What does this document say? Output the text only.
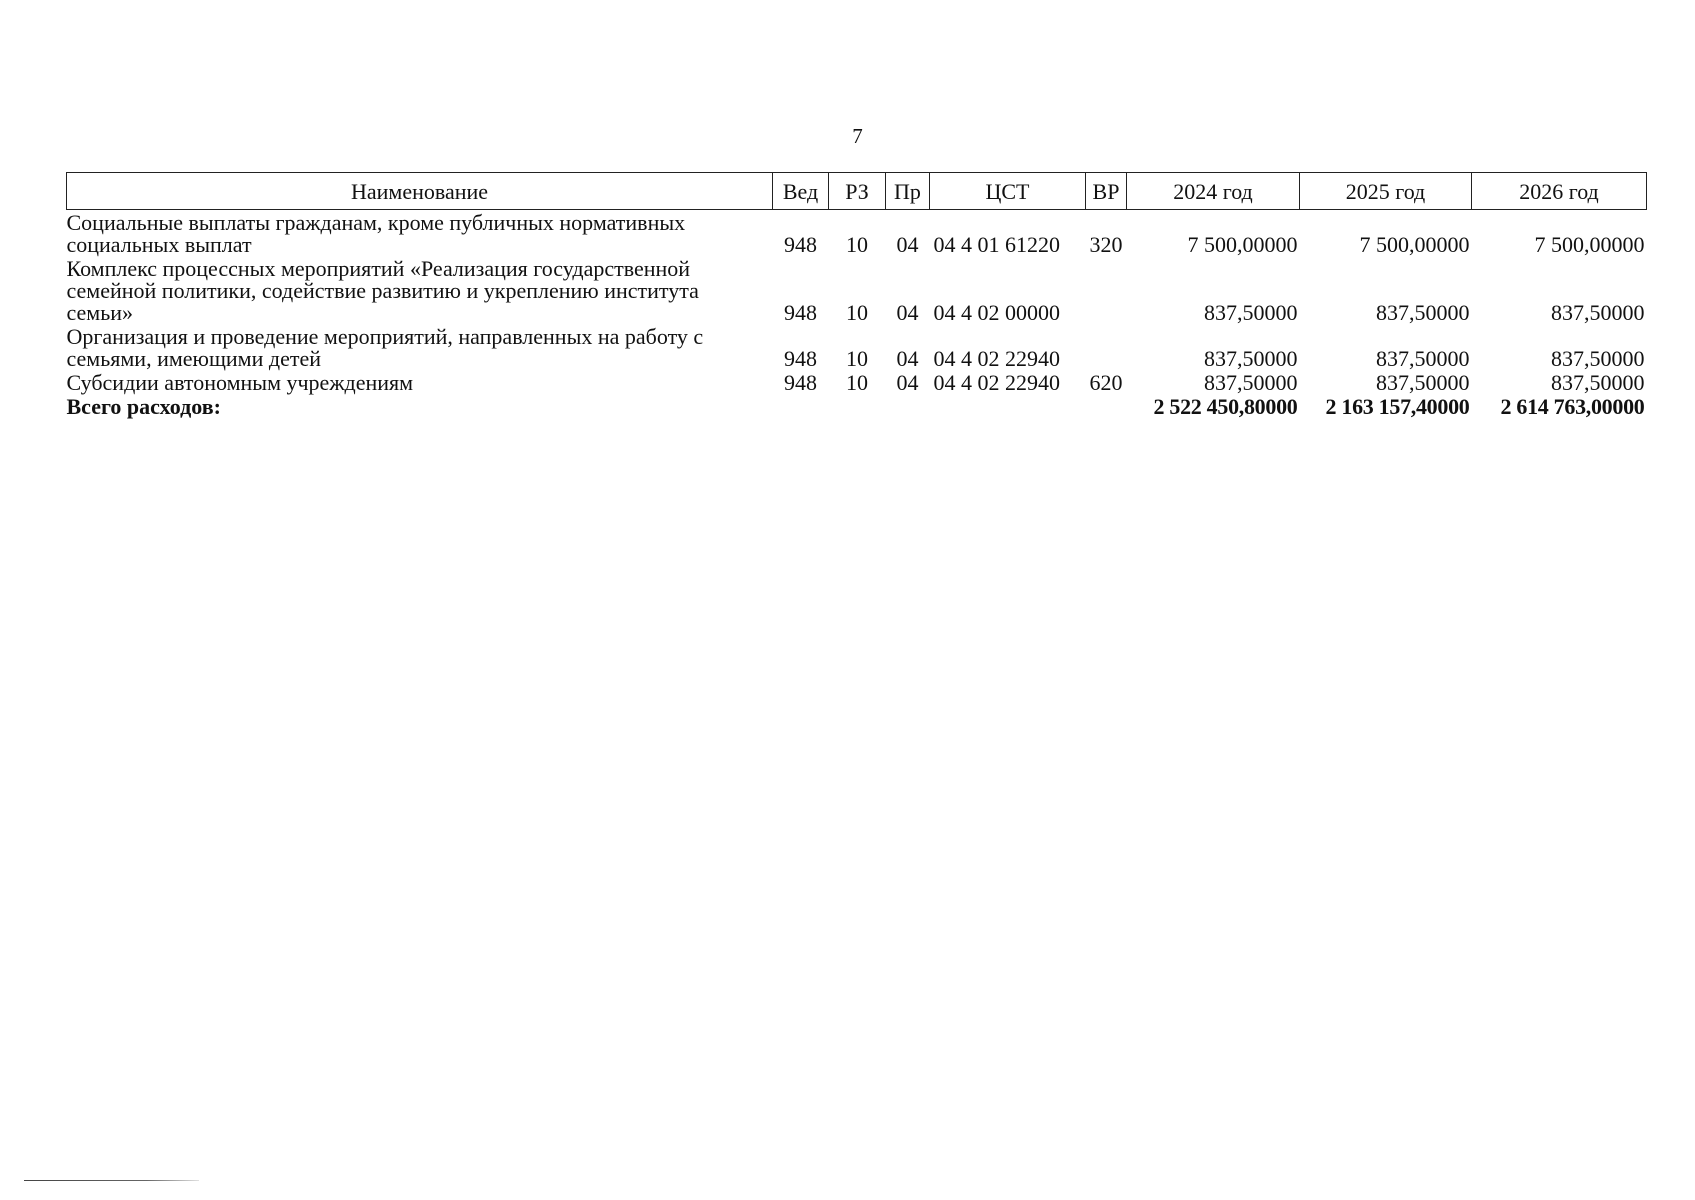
7
Наименование	Вед	РЗ	Пр	ЦСТ	ВР	2024 год	2025 год	2026 год
Социальные выплаты гражданам, кроме публичных нормативных социальных выплат	948	10	04	04 4 01 61220	320	7 500,00000	7 500,00000	7 500,00000
Комплекс процессных мероприятий «Реализация государственной семейной политики, содействие развитию и укреплению института семьи»	948	10	04	04 4 02 00000		837,50000	837,50000	837,50000
Организация и проведение мероприятий, направленных на работу с семьями, имеющими детей	948	10	04	04 4 02 22940		837,50000	837,50000	837,50000
Субсидии автономным учреждениям	948	10	04	04 4 02 22940	620	837,50000	837,50000	837,50000
Всего расходов:						2 522 450,80000	2 163 157,40000	2 614 763,00000
